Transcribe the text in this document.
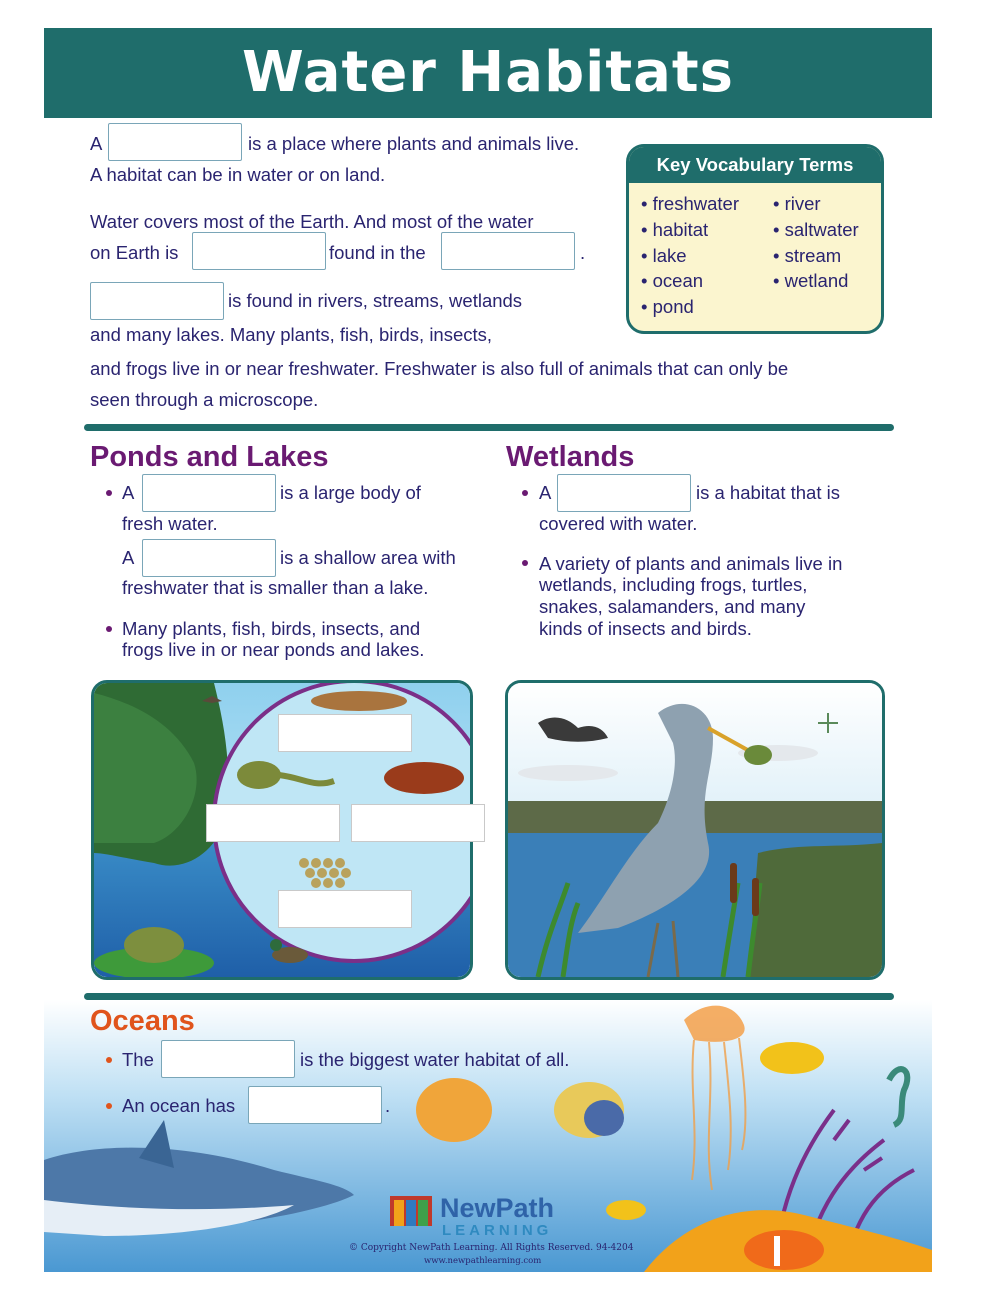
Water Habitats
A	is a place where plants and animals live.
A habitat can be in water or on land.
Water covers most of the Earth. And most of the water
on Earth is	found in the	.
is found in rivers, streams, wetlands
and many lakes. Many plants, fish, birds, insects,
and frogs live in or near freshwater. Freshwater is also full of animals that can only be
seen through a microscope.
Key Vocabulary Terms
• freshwater
• habitat
• lake
• ocean
• pond
• river
• saltwater
• stream
• wetland
Ponds and Lakes
A	is a large body of
fresh water.
A	is a shallow area with
freshwater that is smaller than a lake.
Many plants, fish, birds, insects, and
frogs live in or near ponds and lakes.
Wetlands
A	is a habitat that is
covered with water.
A variety of plants and animals live in
wetlands, including frogs, turtles,
snakes, salamanders, and many
kinds of insects and birds.
Oceans
The	is the biggest water habitat of all.
An ocean has	.
NewPath
LEARNING
© Copyright NewPath Learning. All Rights Reserved. 94-4204
www.newpathlearning.com
